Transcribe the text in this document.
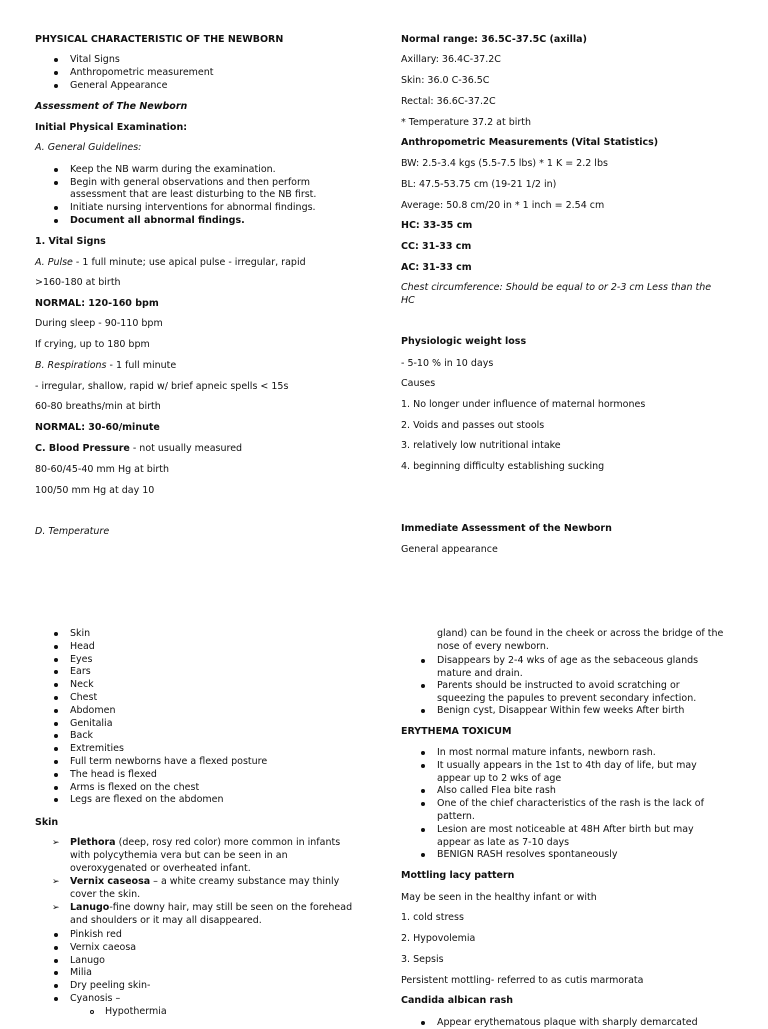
PHYSICAL CHARACTERISTIC OF THE NEWBORN
Vital Signs
Anthropometric measurement
General Appearance
Assessment of The Newborn
Initial Physical Examination:
A. General Guidelines:
Keep the NB warm during the examination.
Begin with general observations and then perform
assessment that are least disturbing to the NB first.
Initiate nursing interventions for abnormal findings.
Document all abnormal findings.
1. Vital Signs
A. Pulse - 1 full minute; use apical pulse - irregular, rapid
>160-180 at birth
NORMAL: 120-160 bpm
During sleep - 90-110 bpm
If crying, up to 180 bpm
B. Respirations - 1 full minute
- irregular, shallow, rapid w/ brief apneic spells < 15s
60-80 breaths/min at birth
NORMAL: 30-60/minute
C. Blood Pressure - not usually measured
80-60/45-40 mm Hg at birth
100/50 mm Hg at day 10
D. Temperature
Normal range: 36.5C-37.5C (axilla)
Axillary: 36.4C-37.2C
Skin: 36.0 C-36.5C
Rectal: 36.6C-37.2C
* Temperature 37.2 at birth
Anthropometric Measurements (Vital Statistics)
BW: 2.5-3.4 kgs (5.5-7.5 lbs) * 1 K = 2.2 lbs
BL: 47.5-53.75 cm (19-21 1/2 in)
Average: 50.8 cm/20 in * 1 inch = 2.54 cm
HC: 33-35 cm
CC: 31-33 cm
AC: 31-33 cm
Chest circumference: Should be equal to or 2-3 cm Less than the
HC
Physiologic weight loss
- 5-10 % in 10 days
Causes
1. No longer under influence of maternal hormones
2. Voids and passes out stools
3. relatively low nutritional intake
4. beginning difficulty establishing sucking
Immediate Assessment of the Newborn
General appearance
Skin
Head
Eyes
Ears
Neck
Chest
Abdomen
Genitalia
Back
Extremities
Full term newborns have a flexed posture
The head is flexed
Arms is flexed on the chest
Legs are flexed on the abdomen
Skin
➢ Plethora (deep, rosy red color) more common in infants
with polycythemia vera but can be seen in an
overoxygenated or overheated infant.
➢ Vernix caseosa – a white creamy substance may thinly
cover the skin.
➢ Lanugo-fine downy hair, may still be seen on the forehead
and shoulders or it may all disappeared.
Pinkish red
Vernix caeosa
Lanugo
Milia
Dry peeling skin-
Cyanosis –
Hypothermia
gland) can be found in the cheek or across the bridge of the
nose of every newborn.
Disappears by 2-4 wks of age as the sebaceous glands
mature and drain.
Parents should be instructed to avoid scratching or
squeezing the papules to prevent secondary infection.
Benign cyst, Disappear Within few weeks After birth
ERYTHEMA TOXICUM
In most normal mature infants, newborn rash.
It usually appears in the 1st to 4th day of life, but may
appear up to 2 wks of age
Also called Flea bite rash
One of the chief characteristics of the rash is the lack of
pattern.
Lesion are most noticeable at 48H After birth but may
appear as late as 7-10 days
BENIGN RASH resolves spontaneously
Mottling lacy pattern
May be seen in the healthy infant or with
1. cold stress
2. Hypovolemia
3. Sepsis
Persistent mottling- referred to as cutis marmorata
Candida albican rash
Appear erythematous plaque with sharply demarcated
